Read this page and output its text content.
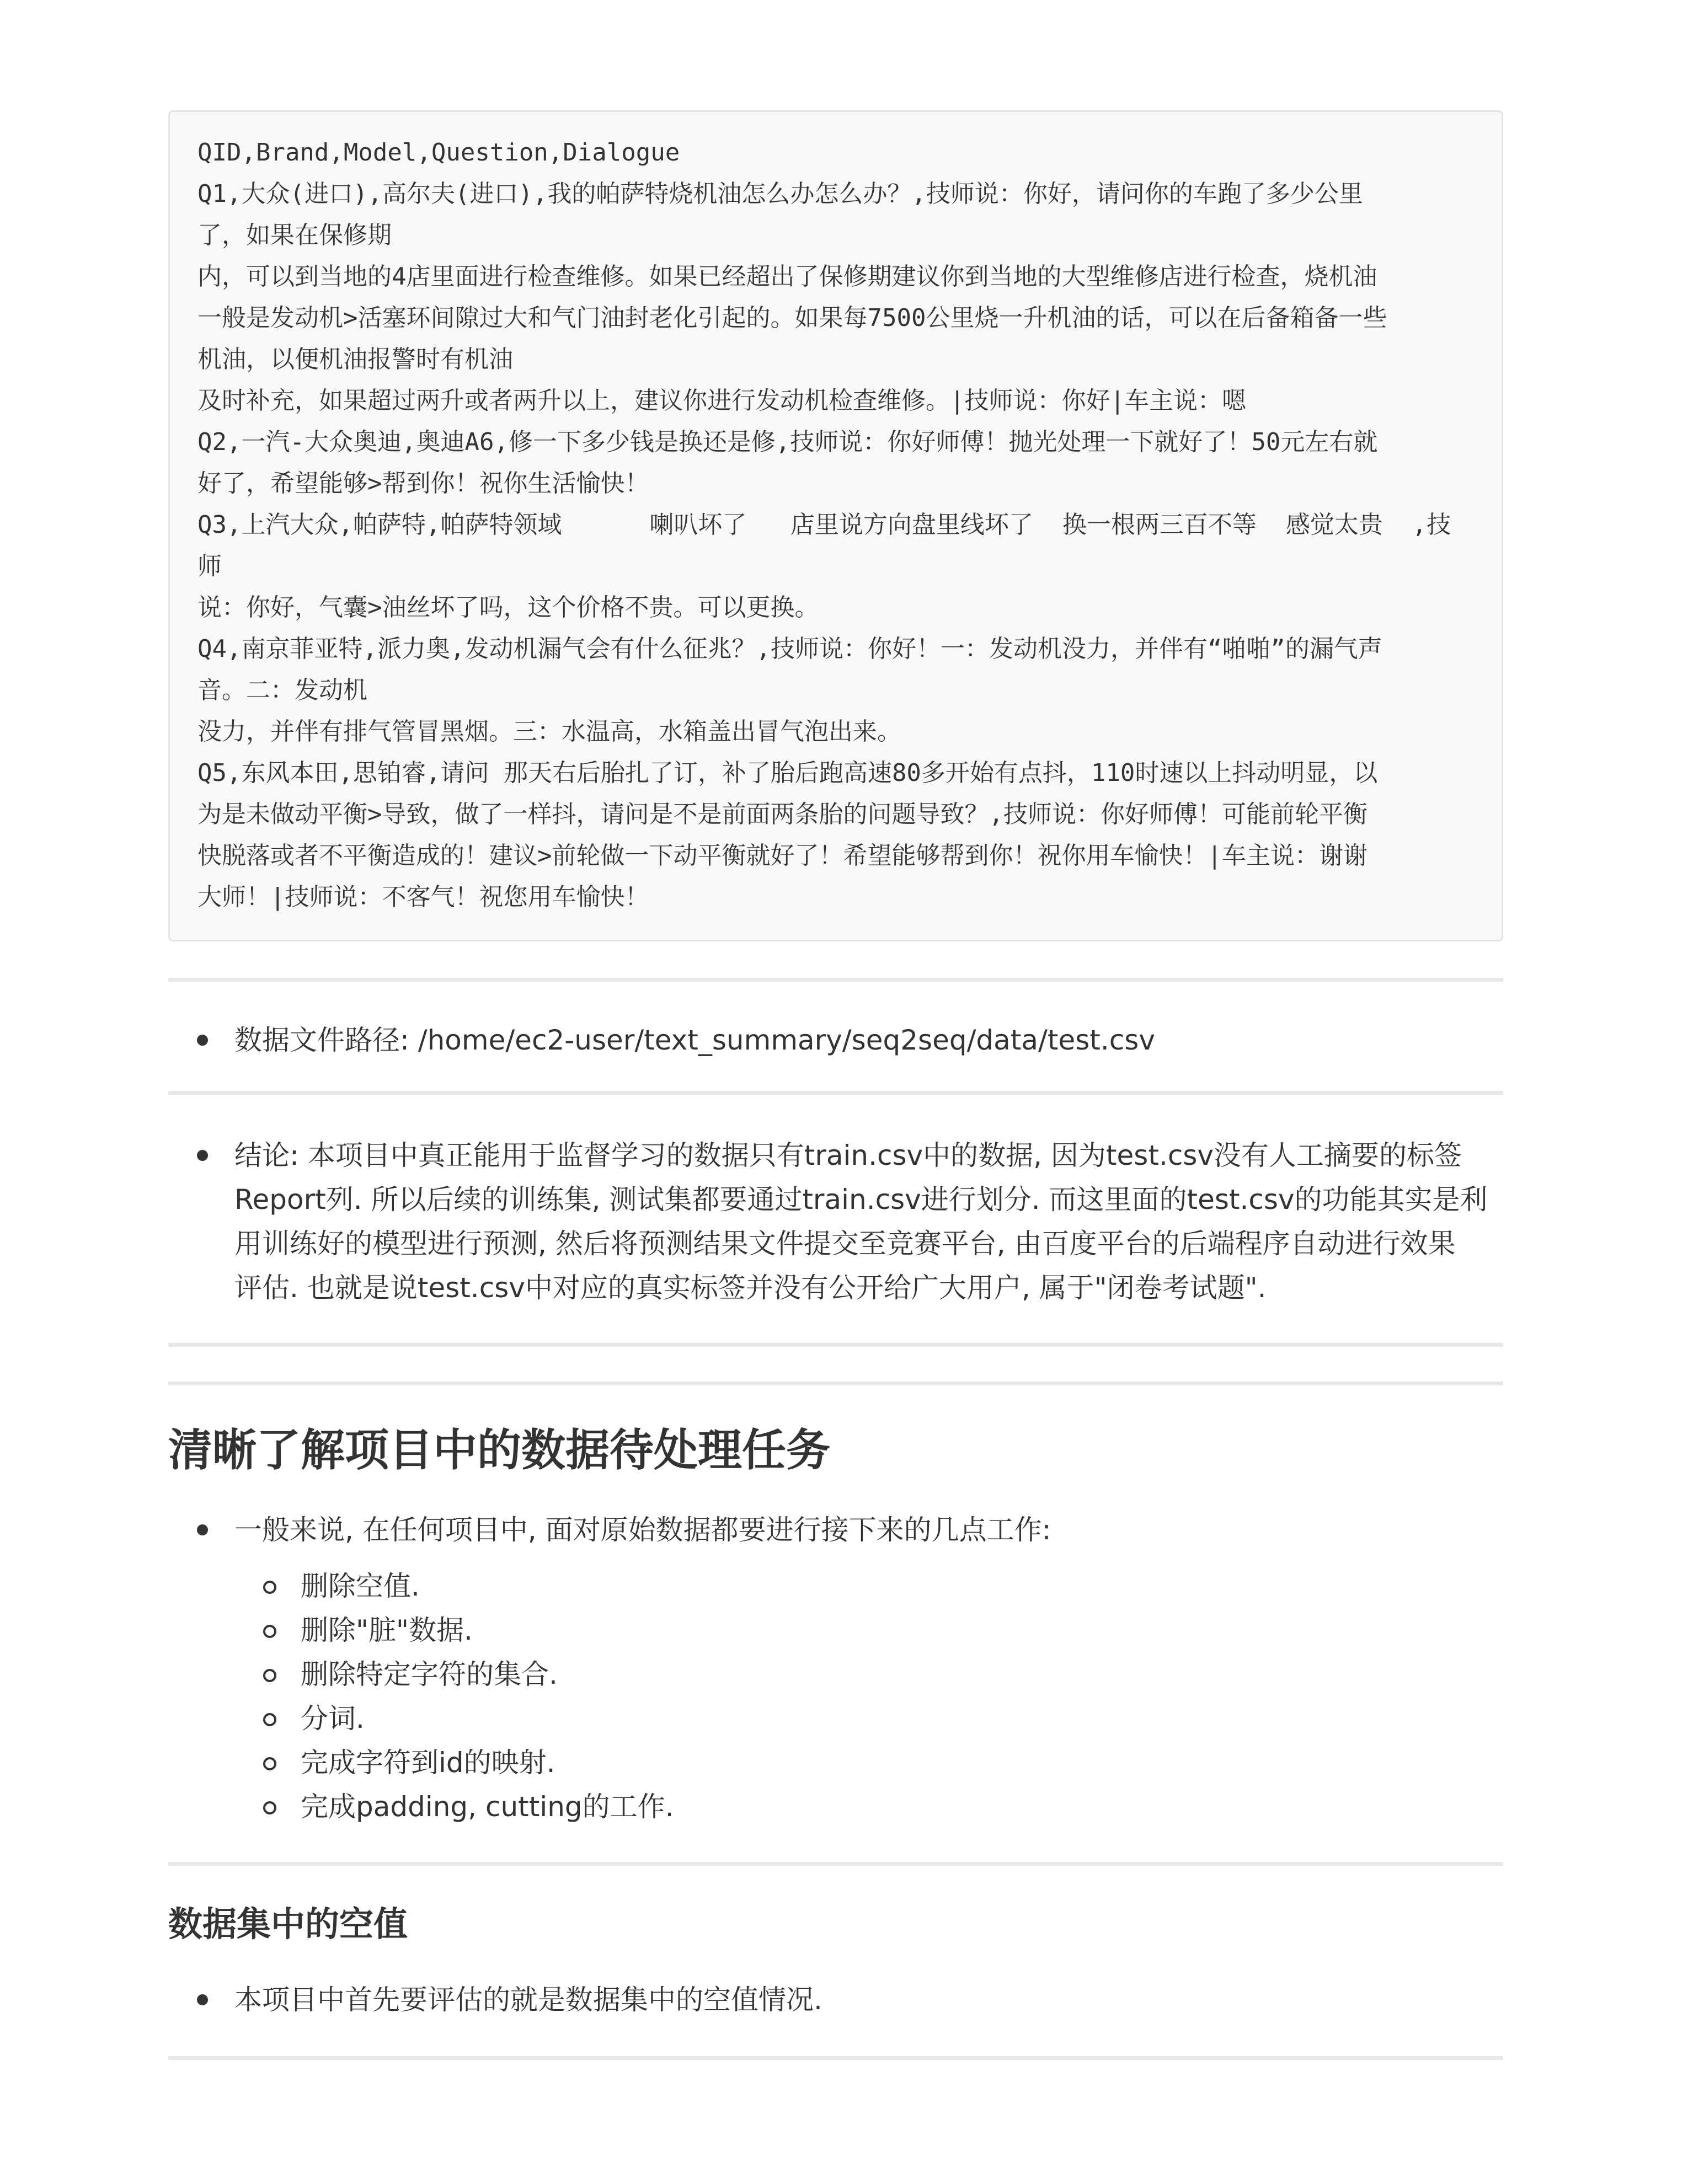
QID,Brand,Model,Question,Dialogue
Q1,大众(进口),高尔夫(进口),我的帕萨特烧机油怎么办怎么办？,技师说：你好，请问你的车跑了多少公里
了，如果在保修期
内，可以到当地的4店里面进行检查维修。如果已经超出了保修期建议你到当地的大型维修店进行检查，烧机油
一般是发动机>活塞环间隙过大和气门油封老化引起的。如果每7500公里烧一升机油的话，可以在后备箱备一些
机油，以便机油报警时有机油
及时补充，如果超过两升或者两升以上，建议你进行发动机检查维修。|技师说：你好|车主说：嗯
Q2,一汽-大众奥迪,奥迪A6,修一下多少钱是换还是修,技师说：你好师傅！抛光处理一下就好了！50元左右就
好了，希望能够>帮到你！祝你生活愉快！
Q3,上汽大众,帕萨特,帕萨特领域      喇叭坏了   店里说方向盘里线坏了  换一根两三百不等  感觉太贵  ,技师
说：你好，气囊>油丝坏了吗，这个价格不贵。可以更换。
Q4,南京菲亚特,派力奥,发动机漏气会有什么征兆？,技师说：你好！一：发动机没力，并伴有“啪啪”的漏气声
音。二：发动机
没力，并伴有排气管冒黑烟。三：水温高，水箱盖出冒气泡出来。
Q5,东风本田,思铂睿,请问 那天右后胎扎了订，补了胎后跑高速80多开始有点抖，110时速以上抖动明显，以
为是未做动平衡>导致，做了一样抖，请问是不是前面两条胎的问题导致？,技师说：你好师傅！可能前轮平衡
快脱落或者不平衡造成的！建议>前轮做一下动平衡就好了！希望能够帮到你！祝你用车愉快！|车主说：谢谢
大师！|技师说：不客气！祝您用车愉快！
数据文件路径: /home/ec2-user/text_summary/seq2seq/data/test.csv
结论: 本项目中真正能用于监督学习的数据只有train.csv中的数据, 因为test.csv没有人工摘要的标签
Report列. 所以后续的训练集, 测试集都要通过train.csv进行划分. 而这里面的test.csv的功能其实是利
用训练好的模型进行预测, 然后将预测结果文件提交至竞赛平台, 由百度平台的后端程序自动进行效果
评估. 也就是说test.csv中对应的真实标签并没有公开给广大用户, 属于"闭卷考试题".
清晰了解项目中的数据待处理任务
一般来说, 在任何项目中, 面对原始数据都要进行接下来的几点工作:
删除空值.
删除"脏"数据.
删除特定字符的集合.
分词.
完成字符到id的映射.
完成padding, cutting的工作.
数据集中的空值
本项目中首先要评估的就是数据集中的空值情况.
